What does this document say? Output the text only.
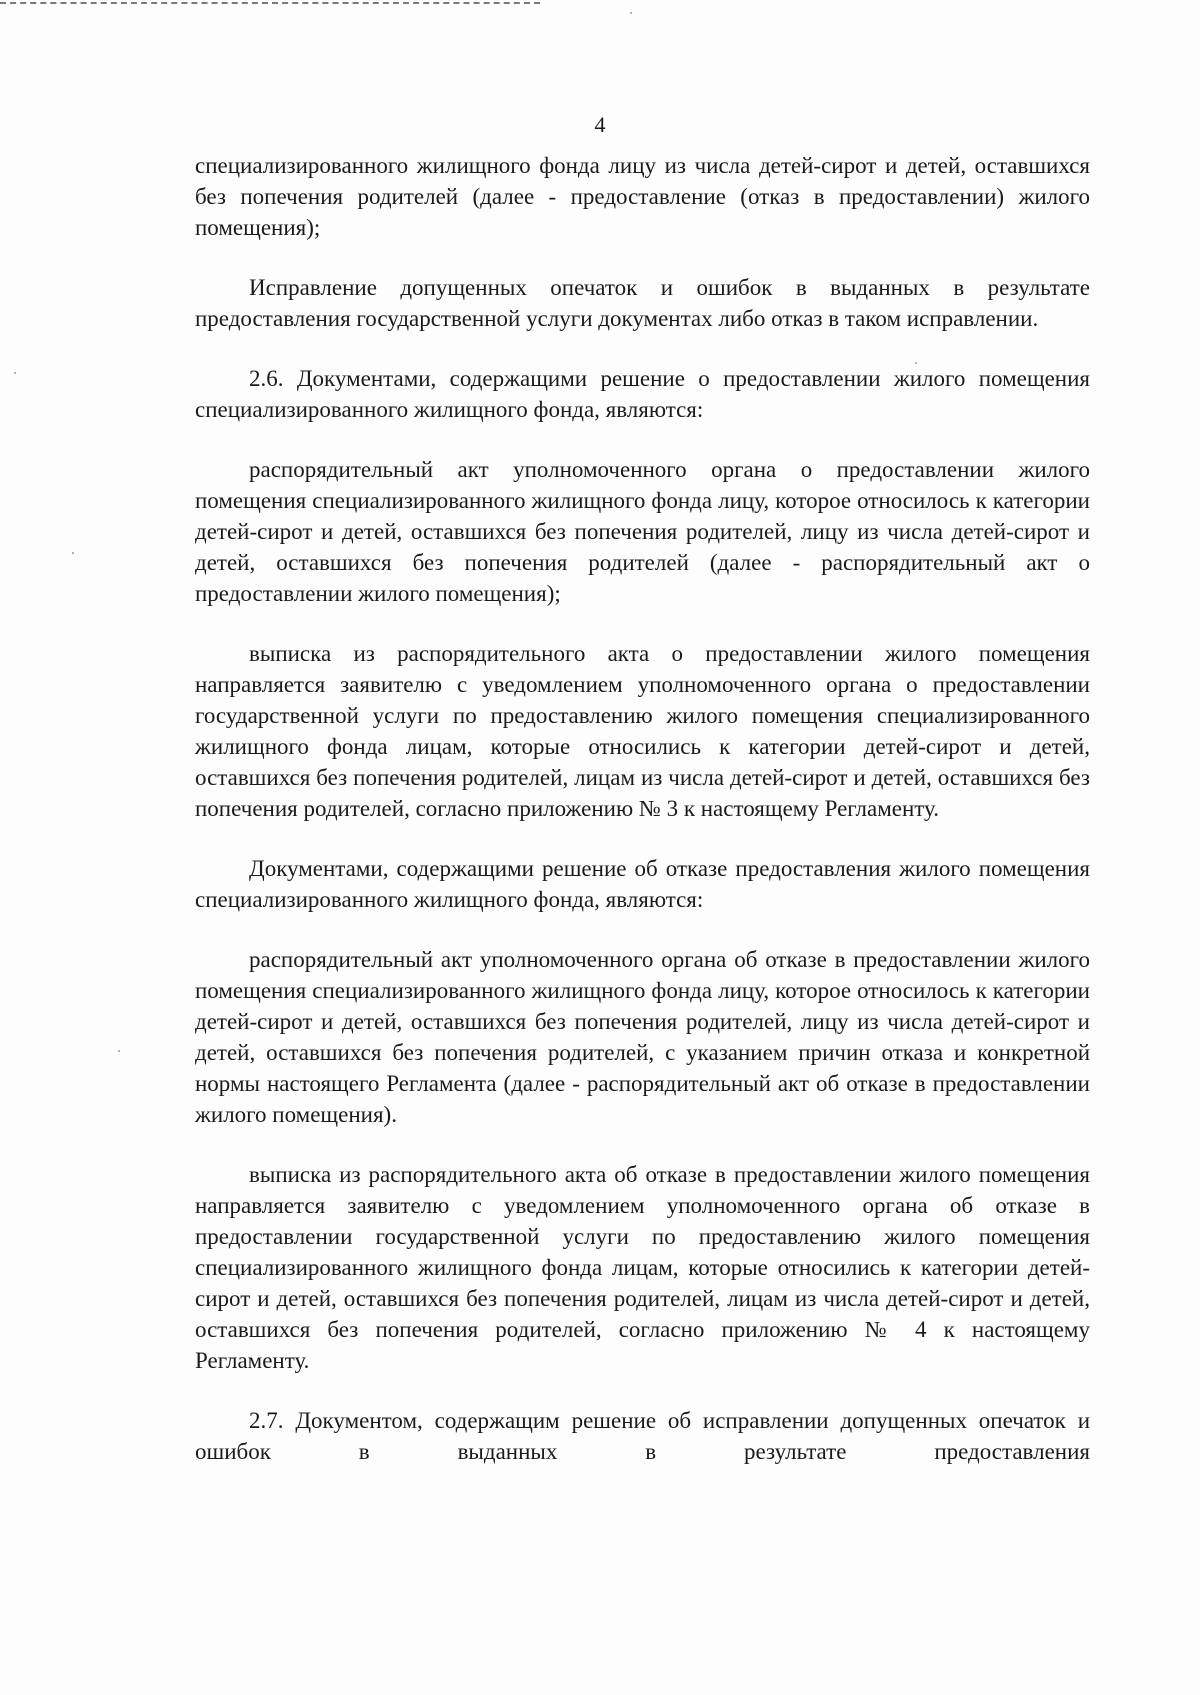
4

специализированного жилищного фонда лицу из числа детей-сирот и детей, оставшихся без попечения родителей (далее - предоставление (отказ в предоставлении) жилого помещения);

Исправление допущенных опечаток и ошибок в выданных в результате предоставления государственной услуги документах либо отказ в таком исправлении.

2.6. Документами, содержащими решение о предоставлении жилого помещения специализированного жилищного фонда, являются:

распорядительный акт уполномоченного органа о предоставлении жилого помещения специализированного жилищного фонда лицу, которое относилось к категории детей-сирот и детей, оставшихся без попечения родителей, лицу из числа детей-сирот и детей, оставшихся без попечения родителей (далее - распорядительный акт о предоставлении жилого помещения);

выписка из распорядительного акта о предоставлении жилого помещения направляется заявителю с уведомлением уполномоченного органа о предоставлении государственной услуги по предоставлению жилого помещения специализированного жилищного фонда лицам, которые относились к категории детей-сирот и детей, оставшихся без попечения родителей, лицам из числа детей-сирот и детей, оставшихся без попечения родителей, согласно приложению № 3 к настоящему Регламенту.

Документами, содержащими решение об отказе предоставления жилого помещения специализированного жилищного фонда, являются:

распорядительный акт уполномоченного органа об отказе в предоставлении жилого помещения специализированного жилищного фонда лицу, которое относилось к категории детей-сирот и детей, оставшихся без попечения родителей, лицу из числа детей-сирот и детей, оставшихся без попечения родителей, с указанием причин отказа и конкретной нормы настоящего Регламента (далее - распорядительный акт об отказе в предоставлении жилого помещения).

выписка из распорядительного акта об отказе в предоставлении жилого помещения направляется заявителю с уведомлением уполномоченного органа об отказе в предоставлении государственной услуги по предоставлению жилого помещения специализированного жилищного фонда лицам, которые относились к категории детей-сирот и детей, оставшихся без попечения родителей, лицам из числа детей-сирот и детей, оставшихся без попечения родителей, согласно приложению № 4 к настоящему Регламенту.

2.7. Документом, содержащим решение об исправлении допущенных опечаток и ошибок в выданных в результате предоставления
